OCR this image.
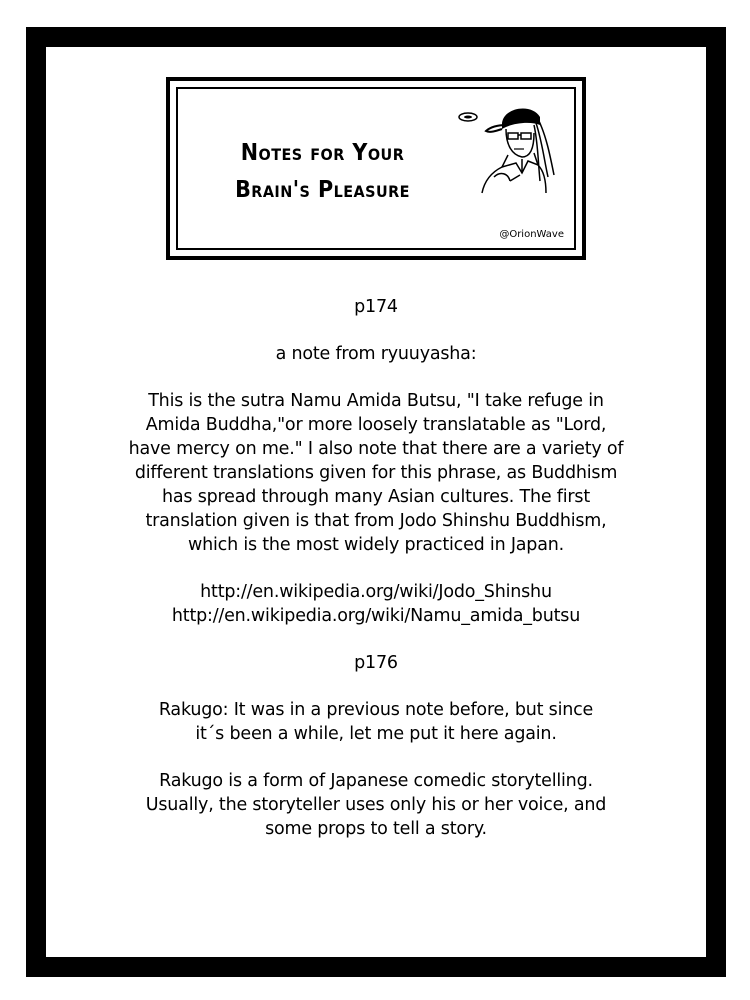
Notes for Your
Brain's Pleasure
@OrionWave
p174
a note from ryuuyasha:
This is the sutra Namu Amida Butsu, "I take refuge in
Amida Buddha,"or more loosely translatable as "Lord,
have mercy on me." I also note that there are a variety of
different translations given for this phrase, as Buddhism
has spread through many Asian cultures. The first
translation given is that from Jodo Shinshu Buddhism,
which is the most widely practiced in Japan.
http://en.wikipedia.org/wiki/Jodo_Shinshu
http://en.wikipedia.org/wiki/Namu_amida_butsu
p176
Rakugo: It was in a previous note before, but since
it´s been a while, let me put it here again.
Rakugo is a form of Japanese comedic storytelling.
Usually, the storyteller uses only his or her voice, and
some props to tell a story.
